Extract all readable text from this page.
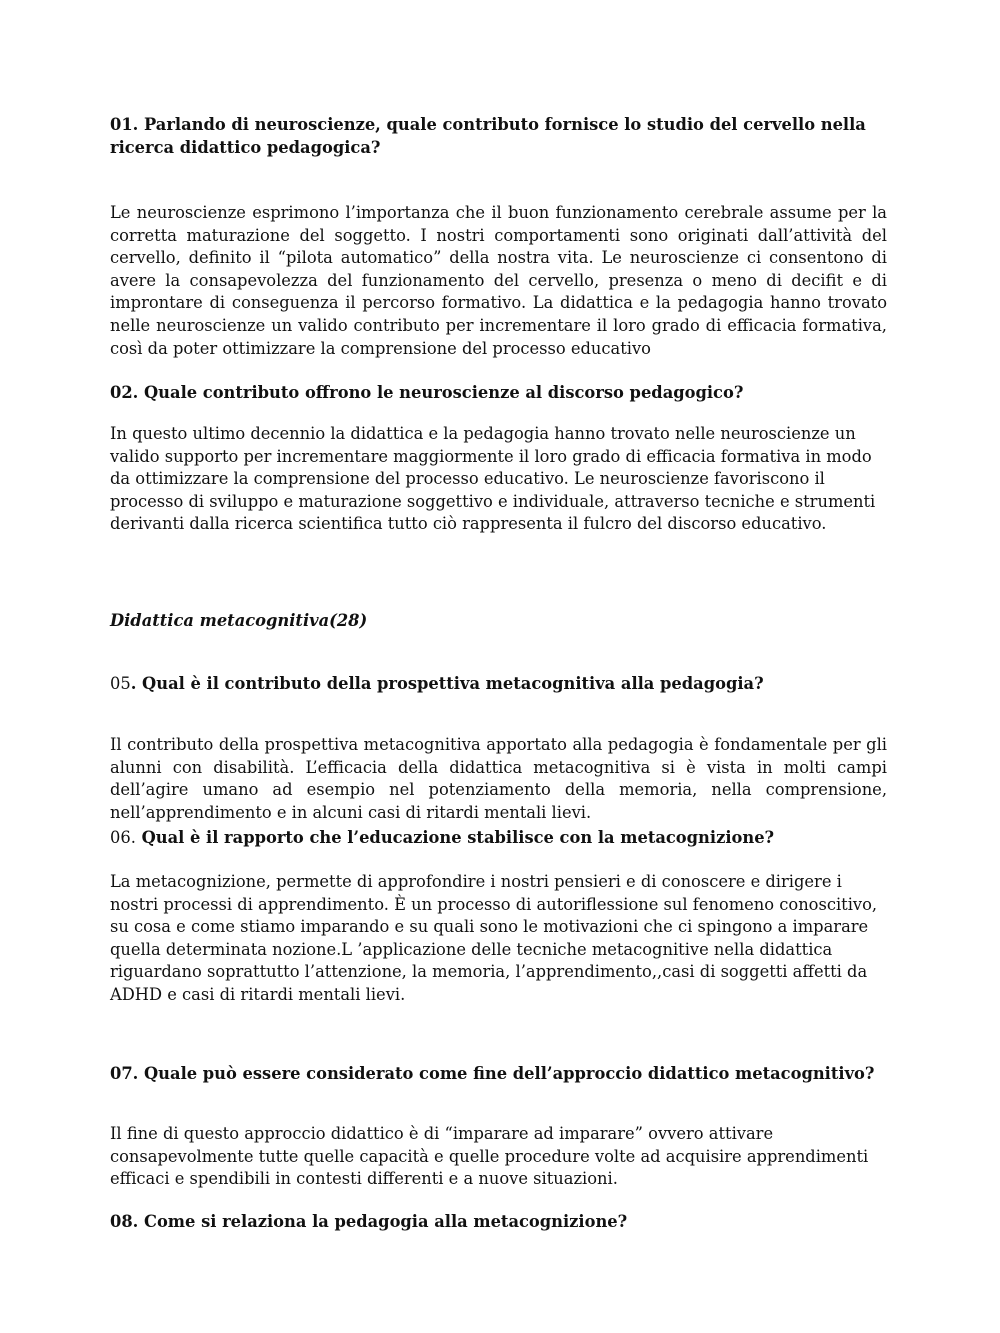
01. Parlando di neuroscienze, quale contributo fornisce lo studio del cervello nella ricerca didattico pedagogica?

Le neuroscienze esprimono l’importanza che il buon funzionamento cerebrale assume per la corretta maturazione del soggetto. I nostri comportamenti sono originati dall’attività del cervello, definito il “pilota automatico” della nostra vita. Le neuroscienze ci consentono di avere la consapevolezza del funzionamento del cervello, presenza o meno di decifit e di improntare di conseguenza il percorso formativo. La didattica e la pedagogia hanno trovato nelle neuroscienze un valido contributo per incrementare il loro grado di efficacia formativa, così da poter ottimizzare la comprensione del processo educativo

02. Quale contributo offrono le neuroscienze al discorso pedagogico?

In questo ultimo decennio la didattica e la pedagogia hanno trovato nelle neuroscienze un valido supporto per incrementare maggiormente il loro grado di efficacia formativa in modo da ottimizzare la comprensione del processo educativo. Le neuroscienze favoriscono il processo di sviluppo e maturazione soggettivo e individuale, attraverso tecniche e strumenti derivanti dalla ricerca scientifica tutto ciò rappresenta il fulcro del discorso educativo.

Didattica metacognitiva(28)

05. Qual è il contributo della prospettiva metacognitiva alla pedagogia?

Il contributo della prospettiva metacognitiva apportato alla pedagogia è fondamentale per gli alunni con disabilità. L’efficacia della didattica metacognitiva si è vista in molti campi dell’agire umano ad esempio nel potenziamento della memoria, nella comprensione, nell’apprendimento e in alcuni casi di ritardi mentali lievi.

06. Qual è il rapporto che l’educazione stabilisce con la metacognizione?

La metacognizione, permette di approfondire i nostri pensieri e di conoscere e dirigere i
nostri processi di apprendimento. È un processo di autoriflessione sul fenomeno conoscitivo,
su cosa e come stiamo imparando e su quali sono le motivazioni che ci spingono a imparare
quella determinata nozione.L ’applicazione delle tecniche metacognitive nella didattica
riguardano soprattutto l’attenzione, la memoria, l’apprendimento,,casi di soggetti affetti da
ADHD e casi di ritardi mentali lievi.

07. Quale può essere considerato come fine dell’approccio didattico metacognitivo?

Il fine di questo approccio didattico è di “imparare ad imparare” ovvero attivare
consapevolmente tutte quelle capacità e quelle procedure volte ad acquisire apprendimenti
efficaci e spendibili in contesti differenti e a nuove situazioni.

08. Come si relaziona la pedagogia alla metacognizione?
